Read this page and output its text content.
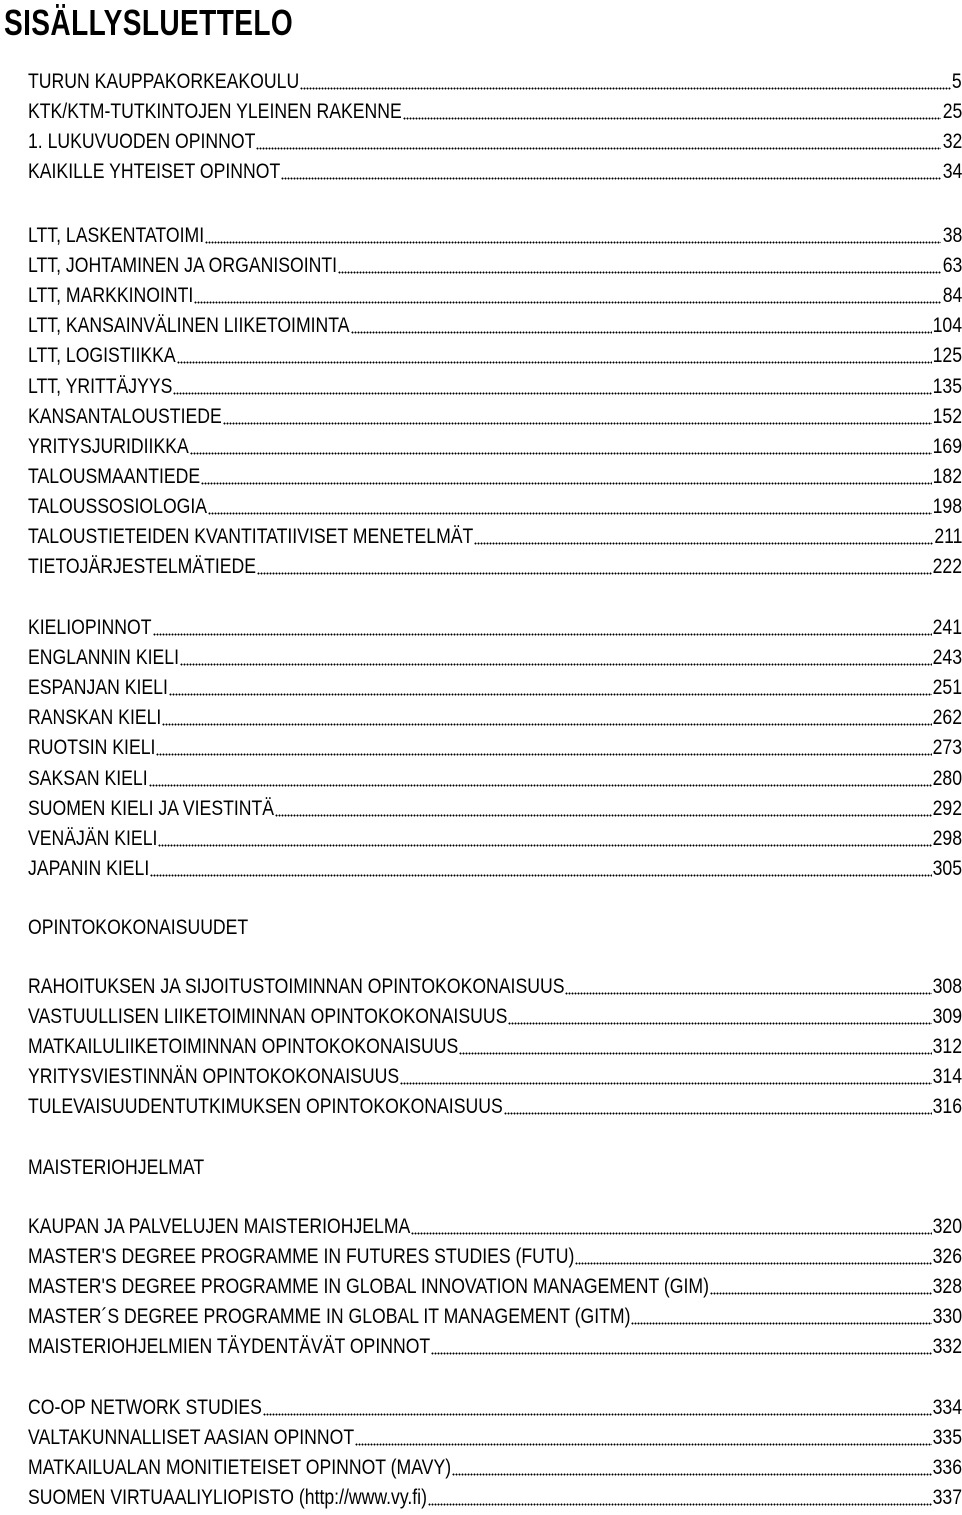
SISÄLLYSLUETTELO
TURUN KAUPPAKORKEAKOULU	5
KTK/KTM-TUTKINTOJEN YLEINEN RAKENNE	25
1. LUKUVUODEN OPINNOT	32
KAIKILLE YHTEISET OPINNOT	34
LTT, LASKENTATOIMI	38
LTT, JOHTAMINEN JA ORGANISOINTI	63
LTT, MARKKINOINTI	84
LTT, KANSAINVÄLINEN LIIKETOIMINTA	104
LTT, LOGISTIIKKA	125
LTT, YRITTÄJYYS	135
KANSANTALOUSTIEDE	152
YRITYSJURIDIIKKA	169
TALOUSMAANTIEDE	182
TALOUSSOSIOLOGIA	198
TALOUSTIETEIDEN KVANTITATIIVISET MENETELMÄT	211
TIETOJÄRJESTELMÄTIEDE	222
KIELIOPINNOT	241
ENGLANNIN KIELI	243
ESPANJAN KIELI	251
RANSKAN KIELI	262
RUOTSIN KIELI	273
SAKSAN KIELI	280
SUOMEN KIELI JA VIESTINTÄ	292
VENÄJÄN KIELI	298
JAPANIN KIELI	305
OPINTOKOKONAISUUDET
RAHOITUKSEN JA SIJOITUSTOIMINNAN OPINTOKOKONAISUUS	308
VASTUULLISEN LIIKETOIMINNAN OPINTOKOKONAISUUS	309
MATKAILULIIKETOIMINNAN OPINTOKOKONAISUUS	312
YRITYSVIESTINNÄN OPINTOKOKONAISUUS	314
TULEVAISUUDENTUTKIMUKSEN OPINTOKOKONAISUUS	316
MAISTERIOHJELMAT
KAUPAN JA PALVELUJEN MAISTERIOHJELMA	320
MASTER'S DEGREE PROGRAMME IN FUTURES STUDIES (FUTU)	326
MASTER'S DEGREE PROGRAMME IN GLOBAL INNOVATION MANAGEMENT (GIM)	328
MASTER´S DEGREE PROGRAMME IN GLOBAL IT MANAGEMENT (GITM)	330
MAISTERIOHJELMIEN TÄYDENTÄVÄT OPINNOT	332
CO-OP NETWORK STUDIES	334
VALTAKUNNALLISET AASIAN OPINNOT	335
MATKAILUALAN MONITIETEISET OPINNOT (MAVY)	336
SUOMEN VIRTUAALIYLIOPISTO (http://www.vy.fi)	337
